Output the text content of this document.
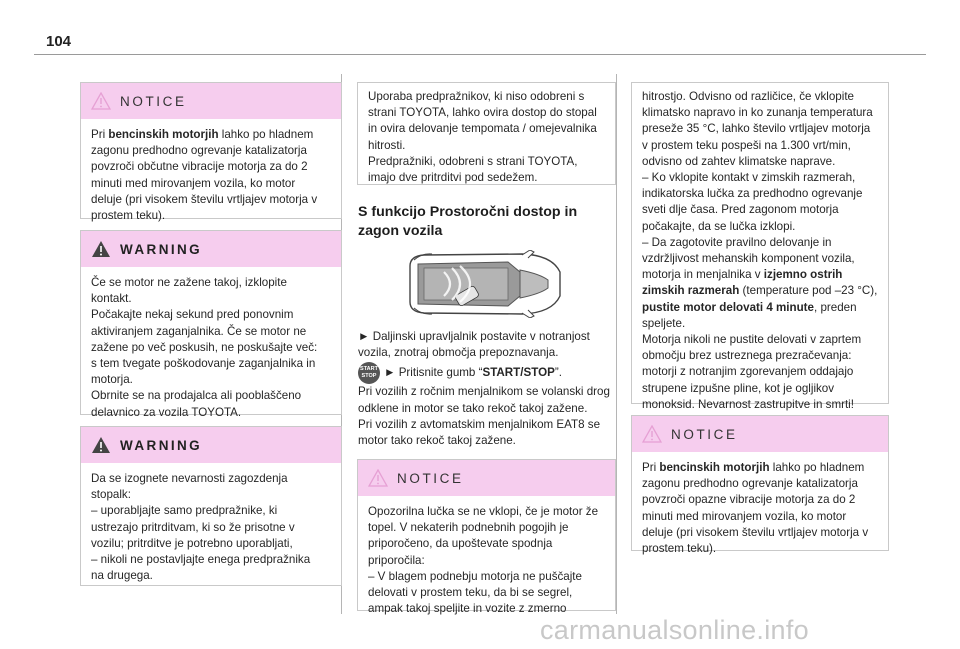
104
NOTICE

Pri bencinskih motorjih lahko po hladnem

zagonu predhodno ogrevanje katalizatorja

povzroči občutne vibracije motorja za do 2

minuti med mirovanjem vozila, ko motor

deluje (pri visokem številu vrtljajev motorja v

prostem teku).

WARNING

Če se motor ne zažene takoj, izklopite

kontakt.

Počakajte nekaj sekund pred ponovnim

aktiviranjem zaganjalnika. Če se motor ne

zažene po več poskusih, ne poskušajte več:

s tem tvegate poškodovanje zaganjalnika in

motorja.

Obrnite se na prodajalca ali pooblaščeno

delavnico za vozila TOYOTA.

WARNING

Da se izognete nevarnosti zagozdenja

stopalk:

– uporabljajte samo predpražnike, ki

ustrezajo pritrditvam, ki so že prisotne v

vozilu; pritrditve je potrebno uporabljati,

– nikoli ne postavljajte enega predpražnika

na drugega.

Uporaba predpražnikov, ki niso odobreni s

strani TOYOTA, lahko ovira dostop do stopal

in ovira delovanje tempomata / omejevalnika

hitrosti.

Predpražniki, odobreni s strani TOYOTA,

imajo dve pritrditvi pod sedežem.

S funkcijo Prostoročni dostop in

zagon vozila

► Daljinski upravljalnik postavite v notranjost

vozila, znotraj območja prepoznavanja.

START
STOP ► Pritisnite gumb “START/STOP”.

Pri vozilih z ročnim menjalnikom se volanski drog

odklene in motor se tako rekoč takoj zažene.

Pri vozilih z avtomatskim menjalnikom EAT8 se

motor tako rekoč takoj zažene.

NOTICE

Opozorilna lučka se ne vklopi, če je motor že

topel. V nekaterih podnebnih pogojih je

priporočeno, da upoštevate spodnja

priporočila:

– V blagem podnebju motorja ne puščajte

delovati v prostem teku, da bi se segrel,

ampak takoj speljite in vozite z zmerno

hitrostjo. Odvisno od različice, če vklopite

klimatsko napravo in ko zunanja temperatura

preseže 35 °C, lahko število vrtljajev motorja

v prostem teku pospeši na 1.300 vrt/min,

odvisno od zahtev klimatske naprave.

– Ko vklopite kontakt v zimskih razmerah,

indikatorska lučka za predhodno ogrevanje

sveti dlje časa. Pred zagonom motorja

počakajte, da se lučka izklopi.

– Da zagotovite pravilno delovanje in

vzdržljivost mehanskih komponent vozila,

motorja in menjalnika v izjemno ostrih

zimskih razmerah (temperature pod –23 °C),

pustite motor delovati 4 minute, preden

speljete.

Motorja nikoli ne pustite delovati v zaprtem

območju brez ustreznega prezračevanja:

motorji z notranjim zgorevanjem oddajajo

strupene izpušne pline, kot je ogljikov

monoksid. Nevarnost zastrupitve in smrti!

NOTICE

Pri bencinskih motorjih lahko po hladnem

zagonu predhodno ogrevanje katalizatorja

povzroči opazne vibracije motorja za do 2

minuti med mirovanjem vozila, ko motor

deluje (pri visokem številu vrtljajev motorja v

prostem teku).

carmanualsonline.info
